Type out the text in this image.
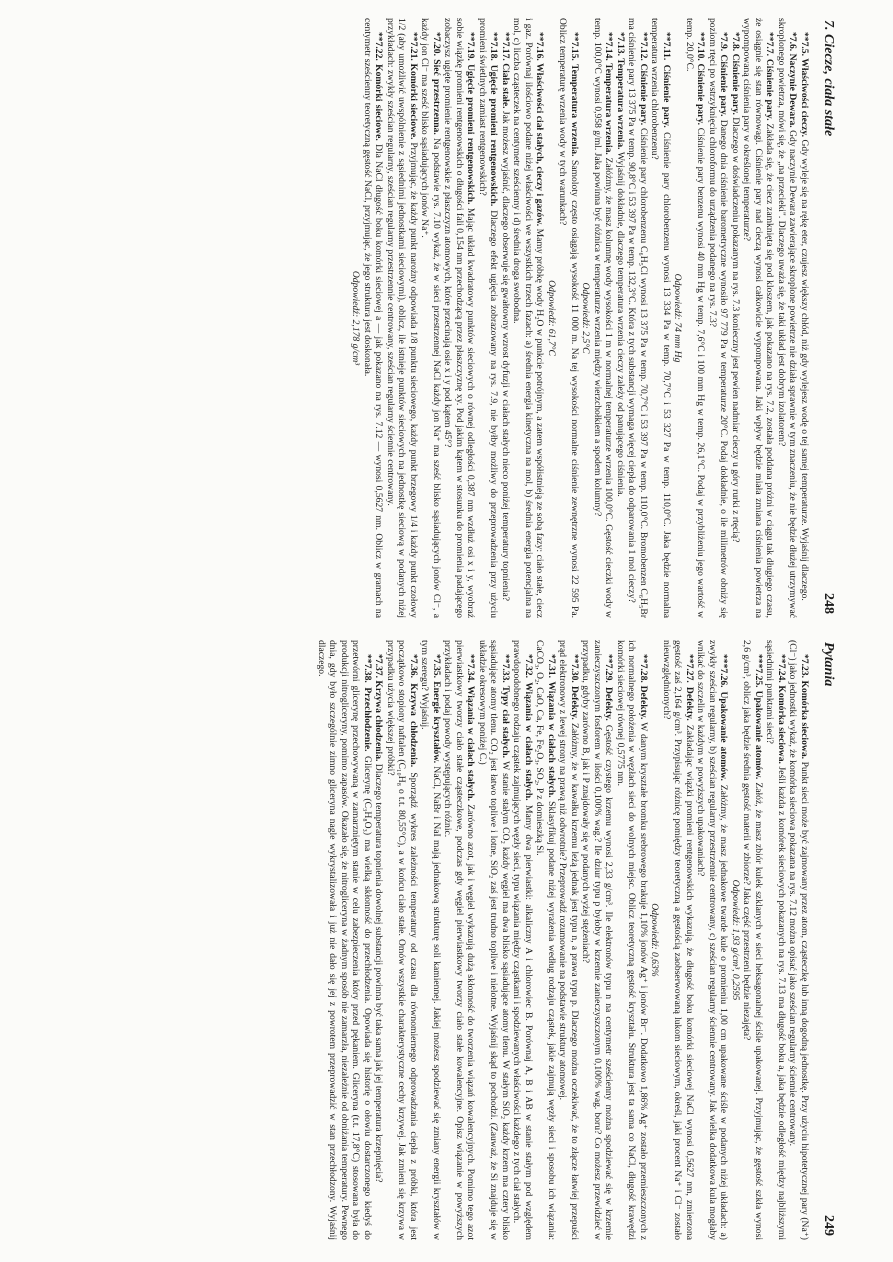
7. Ciecze, ciała stałe
248

**7.5. Właściwości cieczy. Gdy wyleje się na rękę eter, czujesz większy chłód, niż gdy wylejesz wodę o tej samej temperaturze. Wyjaśnij dlaczego.

*7.6. Naczynie Dewara. Gdy naczynie Dewara zawierające skroplone powietrze nie działa sprawnie w tym znaczeniu, że nie będzie dłużej utrzymywać skroplonego powietrza, mówi się, że „na przecieki". Dlaczego uważa się, że taki układ jest dobrym izolatorem?

**7.7. Ciśnienie pary. Zakłada się, że ciecz zamknięta się pod kloszem, jak pokazano na rys. 7.2, została poddana próżni w ciągu tak długiego czasu, że osiągnie się stan równowagi. Ciśnienie pary nad cieczą wynosi całkowicie wypompowana. Jaki wpływ będzie miała zmiana ciśnienia powietrza na wypompowaną ciśnienia pary w określonej temperaturze?

*7.8. Ciśnienie pary. Dlaczego w doświadczeniu pokazanym na rys. 7.3 konieczny jest pewien nadmiar cieczy u góry rurki z rtęcią?

*7.9. Ciśnienie pary. Danego dnia ciśnienie barometryczne wynosiło 97 779 Pa w temperaturze 20°C. Podaj dokładnie, o ile milimetrów obniży się poziom rtęci po wstrzyknięciu chloroformu do urządzenia podanego na rys. 7.3?

**7.10. Ciśnienie pary. Ciśnienie pary benzenu wynosi 40 mm Hg w temp. 7,6°C i 100 mm Hg w temp. 26,1°C. Podaj w przybliżeniu jego wartość w temp. 20,0°C.

Odpowiedź: 74 mm Hg

**7.11. Ciśnienie pary. Ciśnienie pary chlorobenzenu wynosi 13 334 Pa w temp. 70,7°C i 53 327 Pa w temp. 110,0°C. Jaka będzie normalna temperatura wrzenia chlorobenzenu?

**7.12. Ciśnienie pary. Ciśnienie pary chlorobenzenu C₆H₅Cl wynosi 13 375 Pa w temp. 70,7°C i 53 397 Pa w temp. 110,0°C. Bromobenzen C₆H₅Br ma ciśnienie pary 13 375 Pa w temp. 90,8°C i 53 397 Pa w temp. 132,3°C. Która z tych substancji wymaga więcej ciepła do odparowania 1 mol cieczy?

*7.13. Temperatura wrzenia. Wyjaśnij dokładnie, dlaczego temperatura wrzenia cieczy zależy od panującego ciśnienia.

**7.14. Temperatura wrzenia. Załóżmy, że masz kolumnę wody wysokości 1 m w normalnej temperaturze wrzenia 100,0°C. Gęstość cieczki wody w temp. 100,0°C wynosi 0,958 g/ml. Jaka powinna być różnica w temperaturze wrzenia między wierzchołkiem a spodem kolumny?

Odpowiedź: 2,5°C

**7.15. Temperatura wrzenia. Samoloty często osiągają wysokość 11 000 m. Na tej wysokości normalne ciśnienie zewnętrzne wynosi 22 595 Pa. Oblicz temperaturę wrzenia wody w tych warunkach?

Odpowiedź: 61,7°C

**7.16. Właściwości ciał stałych, cieczy i gazów. Mamy próbkę wody H₂O w punkcie potrójnym, a zatem współistnieją ze sobą fazy: ciało stałe, ciecz i gaz. Porównaj ilościowo podane niżej właściwości we wszystkich trzech fazach: a) średnia energia kinetyczna na mol, b) średnia energia potencjalna na mol, c) liczba cząsteczek na centymetr sześcienny i d) średnia droga swobodna.

**7.17. Ciała stałe. Jak możesz wyjaśnić, dlaczego obserwuje się gwałtowny wzrost dyfuzji w ciałach stałych nieco poniżej temperatury topnienia?

**7.18. Ugięcie promieni rentgenowskich. Dlaczego efekt ugięcia zobrazowany na rys. 7.9, nie byłby możliwy do przeprowadzenia przy użyciu promieni świetlnych zamiast rentgenowskich?

**7.19. Ugięcie promieni rentgenowskich. Mając układ kwadratowy punktów sieciowych o równej odległości 0,387 nm wzdłuż osi x i y, wyobraź sobie wiązkę promieni rentgenowskich o długości fali 0,154 nm przechodzącą przez płaszczyznę xy. Pod jakim kątem w stosunku do promienia padającego zobaczysz ugięte promienie rentgenowskie z płaszczyzn atomowych, które przecinają osie x i y pod kątem 45°?

*7.20. Sieć przestrzenna. Na podstawie rys. 7.10 wykaż, że w sieci przestrzennej NaCl każdy jon Na⁺ ma sześć blisko sąsiadujących jonów Cl⁻, a każdy jon Cl⁻ ma sześć blisko sąsiadujących jonów Na⁺.

**7.21. Komórki sieciowe. Przyjmując, że każdy punkt narożny odpowiada 1/8 punktu sieciowego, każdy punkt brzegowy 1/4 i każdy punkt czołowy 1/2 (aby umożliwić uwspólnienie z sąsiednimi jednostkami sieciowymi), oblicz, ile istnieje punktów sieciowych na jednostkę sieciową w podanych niżej przykładach: zwykły sześcian regularny, sześcian regularny przestrzennie centrowany, sześcian regularny ściennie centrowany.

**7.22. Komórki sieciowe. Dla NaCl długość boku komórki sieciowej a — jak pokazano na rys. 7.12 — wynosi 0,5627 nm. Oblicz w gramach na centymetr sześcienny teoretyczną gęstość NaCl, przyjmując, że jego struktura jest doskonała.

Odpowiedź: 2,178 g/cm³

Pytania
249

*7.23. Komórka sieciowa. Punkt sieci może być zajmowany przez atom, cząsteczkę lub inną dogodną jednostkę. Przy użyciu hipotetycznej pary (Na⁺)(Cl⁻) jako jednostki wykaż, że komórka sieciowa pokazana na rys. 7.12 można opisać jako sześcian regularny ściennie centrowany.

**7.24. Komórka sieciowa. Jeśli każda z komórek sieciowych pokazanych na rys. 7.13 ma długość boku a, jaka będzie odległość między najbliższymi sąsiednimi punktami sieci?

***7.25. Upakowanie atomów. Załóż, że masz zbiór kulek szklanych w sieci heksagonalnej ściśle upakowanej. Przyjmując, że gęstość szkła wynosi 2,6 g/cm³, oblicz jaka będzie średnia gęstość materii w zbiorze? Jaka część przestrzeni będzie niezajęta?

Odpowiedź: 1,93 g/cm³, 0,2595

***7.26. Upakowanie atomów. Załóżmy, że masz jednakowe twarde kule o promieniu 1,00 cm upakowane ściśle w podanych niżej układach: a) zwykły sześcian regularny, b) sześcian regularny przestrzennie centrowany, c) sześcian regularny ściennie centrowany. Jak wielka dodatkowa kula mogłaby wnikać do szczelin w każdym w powyższych upakowaniach?

**7.27. Defekty. Zakładając wiązki promieni rentgenowskich wykazują, że długość boku komórki sieciowej NaCl wynosi 0,5627 nm, zmierzona gęstość zaś 2,164 g/cm³. Przypisując różnicę pomiędzy teoretyczną a gęstością zaobserwowaną lukom sieciowym, określ, jaki procent Na⁺ i Cl⁻ zostało nieuwzględnionych?

Odpowiedź: 0,63%

**7.28. Defekty. W danym kryształe bromku srebrowego brakuje 1,10% jonów Ag⁺ i jonów Br⁻. Dodatkowo 1,86% Ag⁺ zostało przemieszczonych z ich normalnego położenia w węzłach sieci do wolnych miejsc. Oblicz teoretyczną gęstość kryształu. Struktura jest ta sama co NaCl, długość krawędzi komórki sieciowej równej 0,5775 nm.

**7.29. Defekty. Gęstość czystego krzemu wynosi 2,33 g/cm³. Ile elektronów typu n na centymetr sześcienny można spodziewać się w krzemie zanieczyszczonym fosforem w ilości 0,100% wag.? Ile dziur typu p byłoby w krzemie zanieczyszczonym 0,100% wag. boru? Co możesz przewidzieć w przypadku, gdyby zarówno B, jak i P znajdowały się w podanych wyżej stężeniach?

**7.30. Defekty. Załóżmy, że w kawałku krzemu leżą jednak jest typu n, a prawa typu p. Dlaczego można oczekiwać, że to złącze łatwiej przepuści prąd elektronowy z lewej strony na prawą niż odwrotnie? Przeprowadź rozumowanie na podstawie struktury atomowej.

*7.31. Wiązania w ciałach stałych. Sklasyfikuj podane niżej wyrażenia według rodzaju cząstek, jakie zajmują węzły sieci i sposobu ich wiązania: CaCO₃, O₂, CaO, Ca, Fe, Fe₂O₃, SO₂, P z domieszką Si.

*7.32. Wiązania w ciałach stałych. Mamy dwa pierwiastki: alkaliczny A i chlorowiec B. Porównaj A, B i AB w stanie stałym pod względem prawdopodobnego rodzaju cząstek zajmujących węzły sieci, typu wiązania między cząstkami i spodziewanych właściwości każdego z tych ciał stałych.

**7.33. Typy ciał stałych. W stanie stałym CO₂ każdy węgiel ma dwa blisko sąsiadujące atomy tlenu. W stałym SiO₂ każdy krzem ma cztery blisko sąsiadujące atomy tlenu. CO₂ jest łatwo topliwe i lotne, SiO₂ zaś jest trudno topliwe i nielotne. Wyjaśnij skąd to pochodzi. (Zauważ, że Si znajduje się w układzie okresowym poniżej C.)

**7.34. Wiązania w ciałach stałych. Zarówno azot, jak i węgiel wykazują dużą skłonność do tworzenia wiązań kowalencyjnych. Pomimo tego azot pierwiastkowy tworzy ciało stałe cząsteczkowe, podczas gdy węgiel pierwiastkowy tworzy ciało stałe kowalencyjne. Opisz wiązanie w powyższych przykładach i podaj powody występujących różnic.

*7.35. Energie kryształów. NaCl, NaBr i NaI mają jednakową strukturę soli kamiennej. Jakiej możesz spodziewać się zmiany energii kryształów w tym szeregu? Wyjaśnij.

*7.36. Krzywa chłodzenia. Sporządź wykres zależności temperatury od czasu dla równomiernego odprowadzania ciepła z próbki, która jest początkowo stopiony naftalen (C₁₀H₈ o t.t. 80,55°C), a w końcu ciało stałe. Omów wszystkie charakterystyczne cechy krzywej. Jak zmieni się krzywa w przypadku użycia większej próbki?

*7.37. Krzywa chłodzenia. Dlaczego temperatura topnienia dowolnej substancji powinna być taka sama jak jej temperatura krzepnięcia?

**7.38. Przechłodzenie. Glicerynę (C₃H₈O₃) ma wielką skłonność do przechłodzenia. Opowiada się historię o ołowiu dostarczonego kiedyś do przetwórni glicerynę przechowywaną w zamarzniętym stanie w celu zabezpieczenia który przed pękaniem. Gliceryna (t.t. 17,8°C) stosowana była do produkcji nitrogliceryny, pomimo zapasów. Okazało się, że nitrogliceryna w żadnym sposób nie zamarzła, niezależnie od obniżania temperatury. Pewnego dnia, gdy było szczególnie zimno gliceryna nagle wykrystalizowała i już nie dało się jej z powrotem przeprowadzić w stan przechłodzony. Wyjaśnij dlaczego.
